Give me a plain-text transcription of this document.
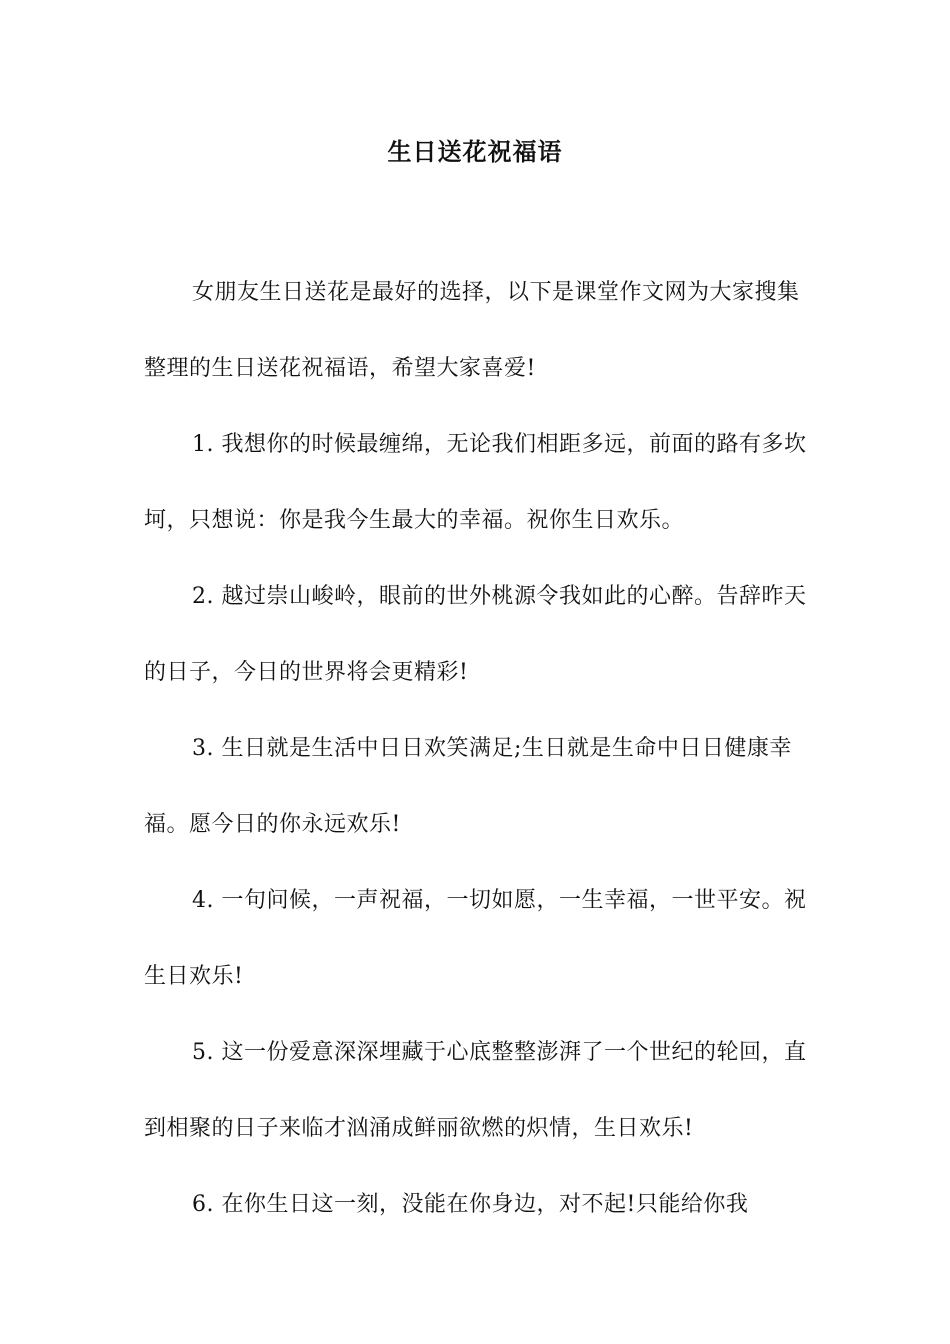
生日送花祝福语

女朋友生日送花是最好的选择，以下是课堂作文网为大家搜集整理的生日送花祝福语，希望大家喜爱!

1. 我想你的时候最缠绵，无论我们相距多远，前面的路有多坎坷，只想说：你是我今生最大的幸福。祝你生日欢乐。

2. 越过崇山峻岭，眼前的世外桃源令我如此的心醉。告辞昨天的日子，今日的世界将会更精彩!

3. 生日就是生活中日日欢笑满足;生日就是生命中日日健康幸福。愿今日的你永远欢乐!

4. 一句问候，一声祝福，一切如愿，一生幸福，一世平安。祝生日欢乐!

5. 这一份爱意深深埋藏于心底整整澎湃了一个世纪的轮回，直到相聚的日子来临才汹涌成鲜丽欲燃的炽情，生日欢乐!

6. 在你生日这一刻，没能在你身边，对不起!只能给你我
